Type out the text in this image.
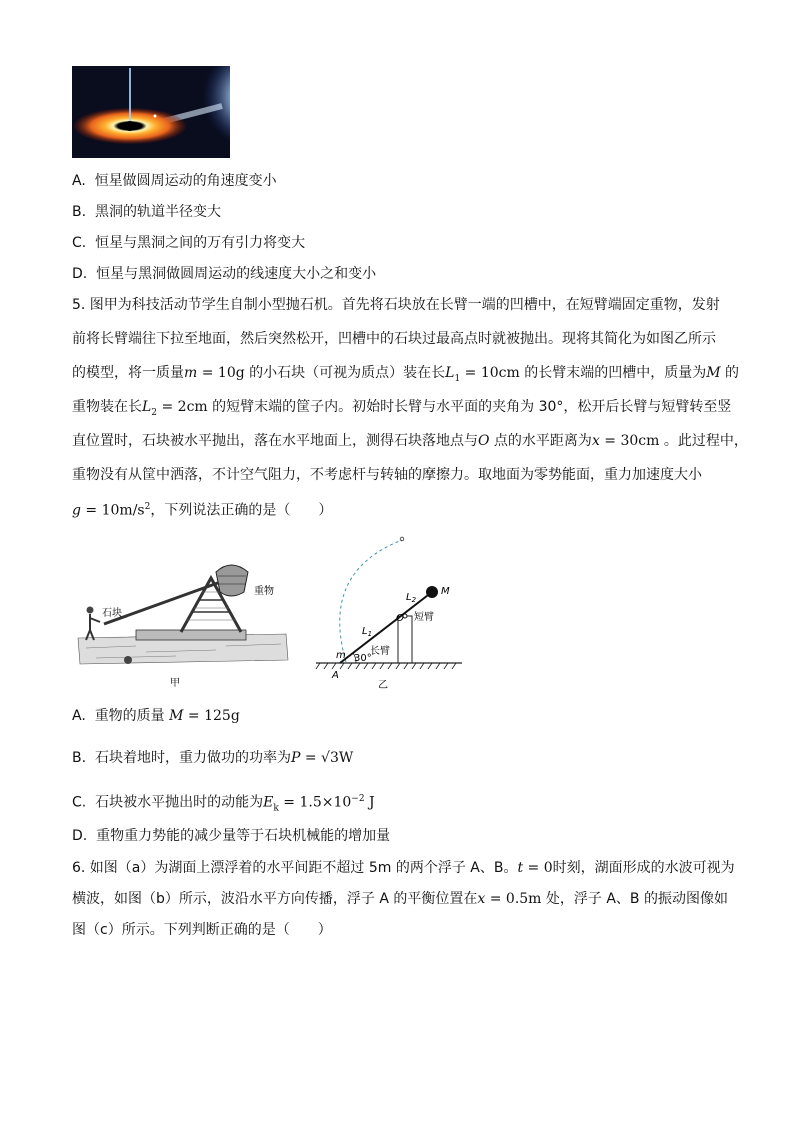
A. 恒星做圆周运动的角速度变小
B. 黑洞的轨道半径变大
C. 恒星与黑洞之间的万有引力将变大
D. 恒星与黑洞做圆周运动的线速度大小之和变小
5. 图甲为科技活动节学生自制小型抛石机。首先将石块放在长臂一端的凹槽中，在短臂端固定重物，发射
前将长臂端往下拉至地面，然后突然松开，凹槽中的石块过最高点时就被抛出。现将其简化为如图乙所示
的模型，将一质量m = 10g 的小石块（可视为质点）装在长$L_1 = 10cm$ 的长臂末端的凹槽中，质量为M 的
重物装在长$L_2 = 2cm$ 的短臂末端的筐子内。初始时长臂与水平面的夹角为 30°，松开后长臂与短臂转至竖
直位置时，石块被水平抛出，落在水平地面上，测得石块落地点与O 点的水平距离为x = 30cm 。此过程中，
重物没有从筐中洒落，不计空气阻力，不考虑杆与转轴的摩擦力。取地面为零势能面，重力加速度大小
$g = 10m/s^2$，下列说法正确的是（　　）
石块
重物
甲
M
$L_2$
O 短臂
$L_1$
m 长臂
30°
A
乙
A. 重物的质量 M = 125g
B. 石块着地时，重力做功的功率为P = √3W
C. 石块被水平抛出时的动能为$E_k = 1.5\times 10^{-2}$ J
D. 重物重力势能的减少量等于石块机械能的增加量
6. 如图（a）为湖面上漂浮着的水平间距不超过 5m 的两个浮子 A、B。t = 0时刻，湖面形成的水波可视为
横波，如图（b）所示，波沿水平方向传播，浮子 A 的平衡位置在x = 0.5m 处，浮子 A、B 的振动图像如
图（c）所示。下列判断正确的是（　　）
